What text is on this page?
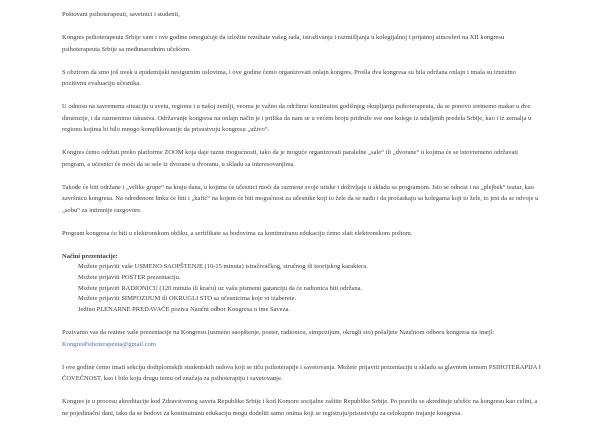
Poštovani psihoterapeuti, savetnici i studenti,

Kongres psihoterapeuta Srbije vam i ove godine omogućuje da izložite rezultate vašeg rada, istraživanja i razmišljanja u kolegijalnoj i prijatnoj atmosferi na XII kongresu psihoterapeuta Srbije sa međunarodnim učešćem.

S obzirom da smo još uvek u epidemijski nesigurnim uslovima, i ove godine ćemo organizovati onlajn kongres. Prošla dva kongresa su bila održana onlajn i imala su izuzetno pozitivnu evaluaciju učesnika.

U odnosu na savremenu situaciju u svetu, regionu i u našoj zemlji, veoma je važno da održimo kontinuitet godišnjeg okupljanja psihoterapeuta, da se ponovo sretnemo makar u dve dimenzije, i da razmenimo iskustva. Održavanje kongresa na onlajn način je i prilika da nam se u većem broju pridruže sve one kolege iz udaljenih predela Srbije, kao i iz zemalja u regionu kojima bi bilo mnogo komplikovanije da prisustvuju kongresu „uživo“.

Kongres ćemo održati preko platforme ZOOM koja daje razne mogućnosti, tako da je moguće organizovati paralelne „sale“ ili „dvorane“ u kojima će se istovremeno održavati program, a učesnici će moći da se sele iz dvorane u dvoranu, u skladu sa interesovanjima.

Takođe će biti održane i „velike grupe“ na kraju dana, u kojima će učesnici moći da razmene svoje utiske i doživljaje u skladu sa programom. Isto se odnosi i na „plejbek“ teatar, kao završnicu kongresa. Na određenom linku će biti i „kafić“ na kojem će biti mogućnost za učesnike koji to žele da se nađu i da proćaskaju sa kolegama koji to žele, to jest da se odvoje u „sobu“ za intimnije razgovore.

Program kongresa će biti u elektronskom obliku, a sertifikate sa bodovima za kontinuiranu edukaciju ćemo slati elektronskom poštom.

Načini prezentacije:

Možete prijaviti vaše USMENO SAOPŠTENJE (10-15 minuta) istraživačkog, stručnog ili teorijskog karaktera.

Možete prijaviti POSTER prezentaciju.

Možete prijaviti RADIONICU (120 minuta ili kraću) uz vašu pismenu garanciju da će radionica biti održana.

Možete prijaviti SIMPOZIJUM ili OKRUGLI STO sa učesnicima koje vi izaberete.

Jedino PLENARNE PREDAVAČE poziva Naučni odbor Kongresa u ime Saveza.

Pozivamo vas da rezime vaše prezentacije na Kongresu (usmeno saopštenje, poster, radionicu, simpozijum, okrugli sto) pošaljete Naučnom odboru kongresa na imejl:
KongresPsihoterapeuta@gmail.com

I ove godine ćemo imati sekciju dodiplomskih studentskih radova koji se tiču psihoterapije i savetovanja. Možete prijaviti prezentaciju u skladu sa glavnom temom PSIHOTERAPIJA I ČOVEČNOST, kao i bilo koju drugu temu od značaja za psihoterapiju i savetovanje.

Kongres je u procesu akreditacije kod Zdravstvenog saveta Republike Srbije i kod Komore socijalne zaštite Republike Srbije. Po pravilu se akredituje učešće na kongresu kao celini, a ne pojedinačni dani, tako da se bodovi za kontinuiranu edukaciju mogu dodeliti samo onima koji se registruju/prisustvuju za celokupno trajanje kongresa.
